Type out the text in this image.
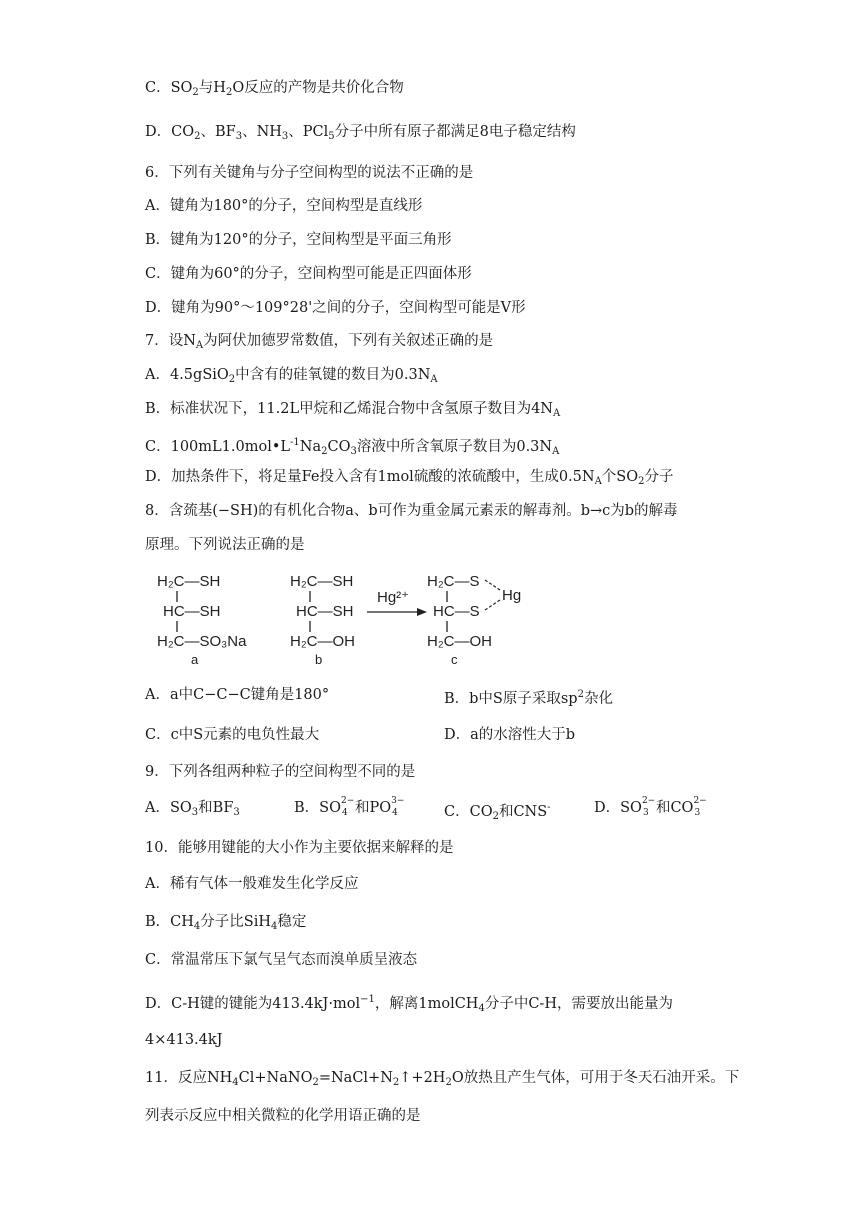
C．$SO_2$与$H_2O$反应的产物是共价化合物
D．$CO_2$、$BF_3$、$NH_3$、PCl$_5$分子中所有原子都满足8电子稳定结构
6．下列有关键角与分子空间构型的说法不正确的是
A．键角为180°的分子，空间构型是直线形
B．键角为120°的分子，空间构型是平面三角形
C．键角为60°的分子，空间构型可能是正四面体形
D．键角为90°～109°28'之间的分子，空间构型可能是V形
7．设$N_A$为阿伏加德罗常数值，下列有关叙述正确的是
A．4.5gSiO$_2$中含有的硅氧键的数目为$0.3N_A$
B．标准状况下，11.2L甲烷和乙烯混合物中含氢原子数目为$4N_A$
C．$100mL1.0mol•L^{-1}Na_2CO_3$溶液中所含氧原子数目为$0.3N_A$
D．加热条件下，将足量Fe投入含有1mol硫酸的浓硫酸中，生成$0.5N_A$个$SO_2$分子
8．含巯基(−SH)的有机化合物a、b可作为重金属元素汞的解毒剂。b→c为b的解毒
原理。下列说法正确的是
H₂C—SH
HC—SH
H₂C—SO₃Na
a
H₂C—SH
HC—SH
H₂C—OH
b
Hg²⁺
H₂C—S
HC—S
H₂C—OH
Hg
c
A．a中C−C−C键角是180°	B．b中S原子采取$sp^2$杂化
C．c中S元素的电负性最大	D．a的水溶性大于b
9．下列各组两种粒子的空间构型不同的是
A．$SO_3$和$BF_3$	B．SO 2−
4 和PO 3−
4	C．$CO_2$和CNS-	D．SO 2−
3 和CO 2−
3
10．能够用键能的大小作为主要依据来解释的是
A．稀有气体一般难发生化学反应
B．$CH_4$分子比SiH$_4$稳定
C．常温常压下氯气呈气态而溴单质呈液态
D．C-H键的键能为413.4kJ·mol$^{-1}$，解离1molCH$_4$分子中C-H，需要放出能量为
4×413.4kJ
11．反应$NH_4Cl+NaNO_2=NaCl+N_2↑+2H_2O$放热且产生气体，可用于冬天石油开采。下
列表示反应中相关微粒的化学用语正确的是
